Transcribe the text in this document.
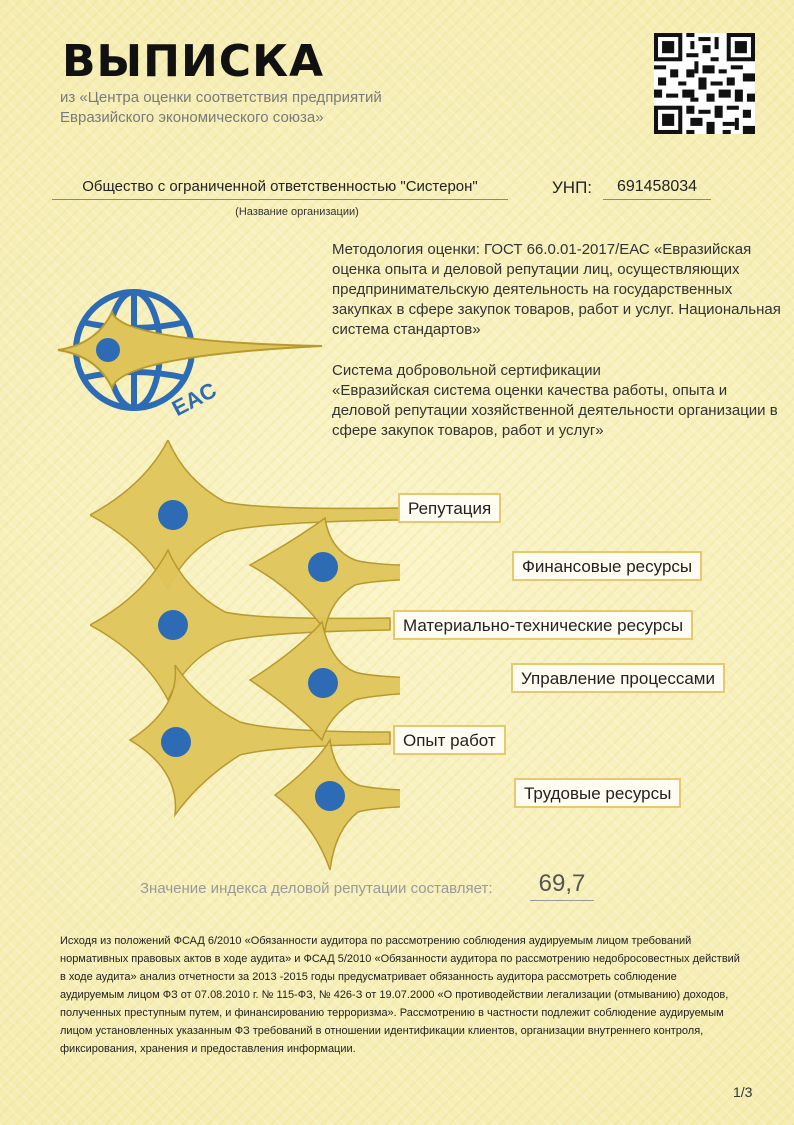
ВЫПИСКА
из «Центра оценки соответствия предприятий Евразийского экономического союза»
Общество с ограниченной ответственностью "Систерон"
(Название организации)
УНП:	691458034
Методология оценки: ГОСТ 66.0.01-2017/ЕАС «Евразийская оценка опыта и деловой репутации лиц, осуществляющих предпринимательскую деятельность на государственных закупках в сфере закупок товаров, работ и услуг. Национальная система стандартов»
Система добровольной сертификации
«Евразийская система оценки качества работы, опыта и деловой репутации хозяйственной деятельности организации в сфере закупок товаров, работ и услуг»
EAC
Репутация
Финансовые ресурсы
Материально-технические ресурсы
Управление процессами
Опыт работ
Трудовые ресурсы
Значение индекса деловой репутации составляет:	69,7
Исходя из положений ФСАД 6/2010 «Обязанности аудитора по рассмотрению соблюдения аудируемым лицом требований нормативных правовых актов в ходе аудита» и ФСАД 5/2010 «Обязанности аудитора по рассмотрению недобросовестных действий в ходе аудита» анализ отчетности за 2013 -2015 годы предусматривает обязанность аудитора рассмотреть соблюдение аудируемым лицом ФЗ от 07.08.2010 г. № 115-ФЗ, № 426-З от 19.07.2000 «О противодействии легализации (отмыванию) доходов, полученных преступным путем, и финансированию терроризма». Рассмотрению в частности подлежит соблюдение аудируемым лицом установленных указанным ФЗ требований в отношении идентификации клиентов, организации внутреннего контроля, фиксирования, хранения и предоставления информации.
1/3
